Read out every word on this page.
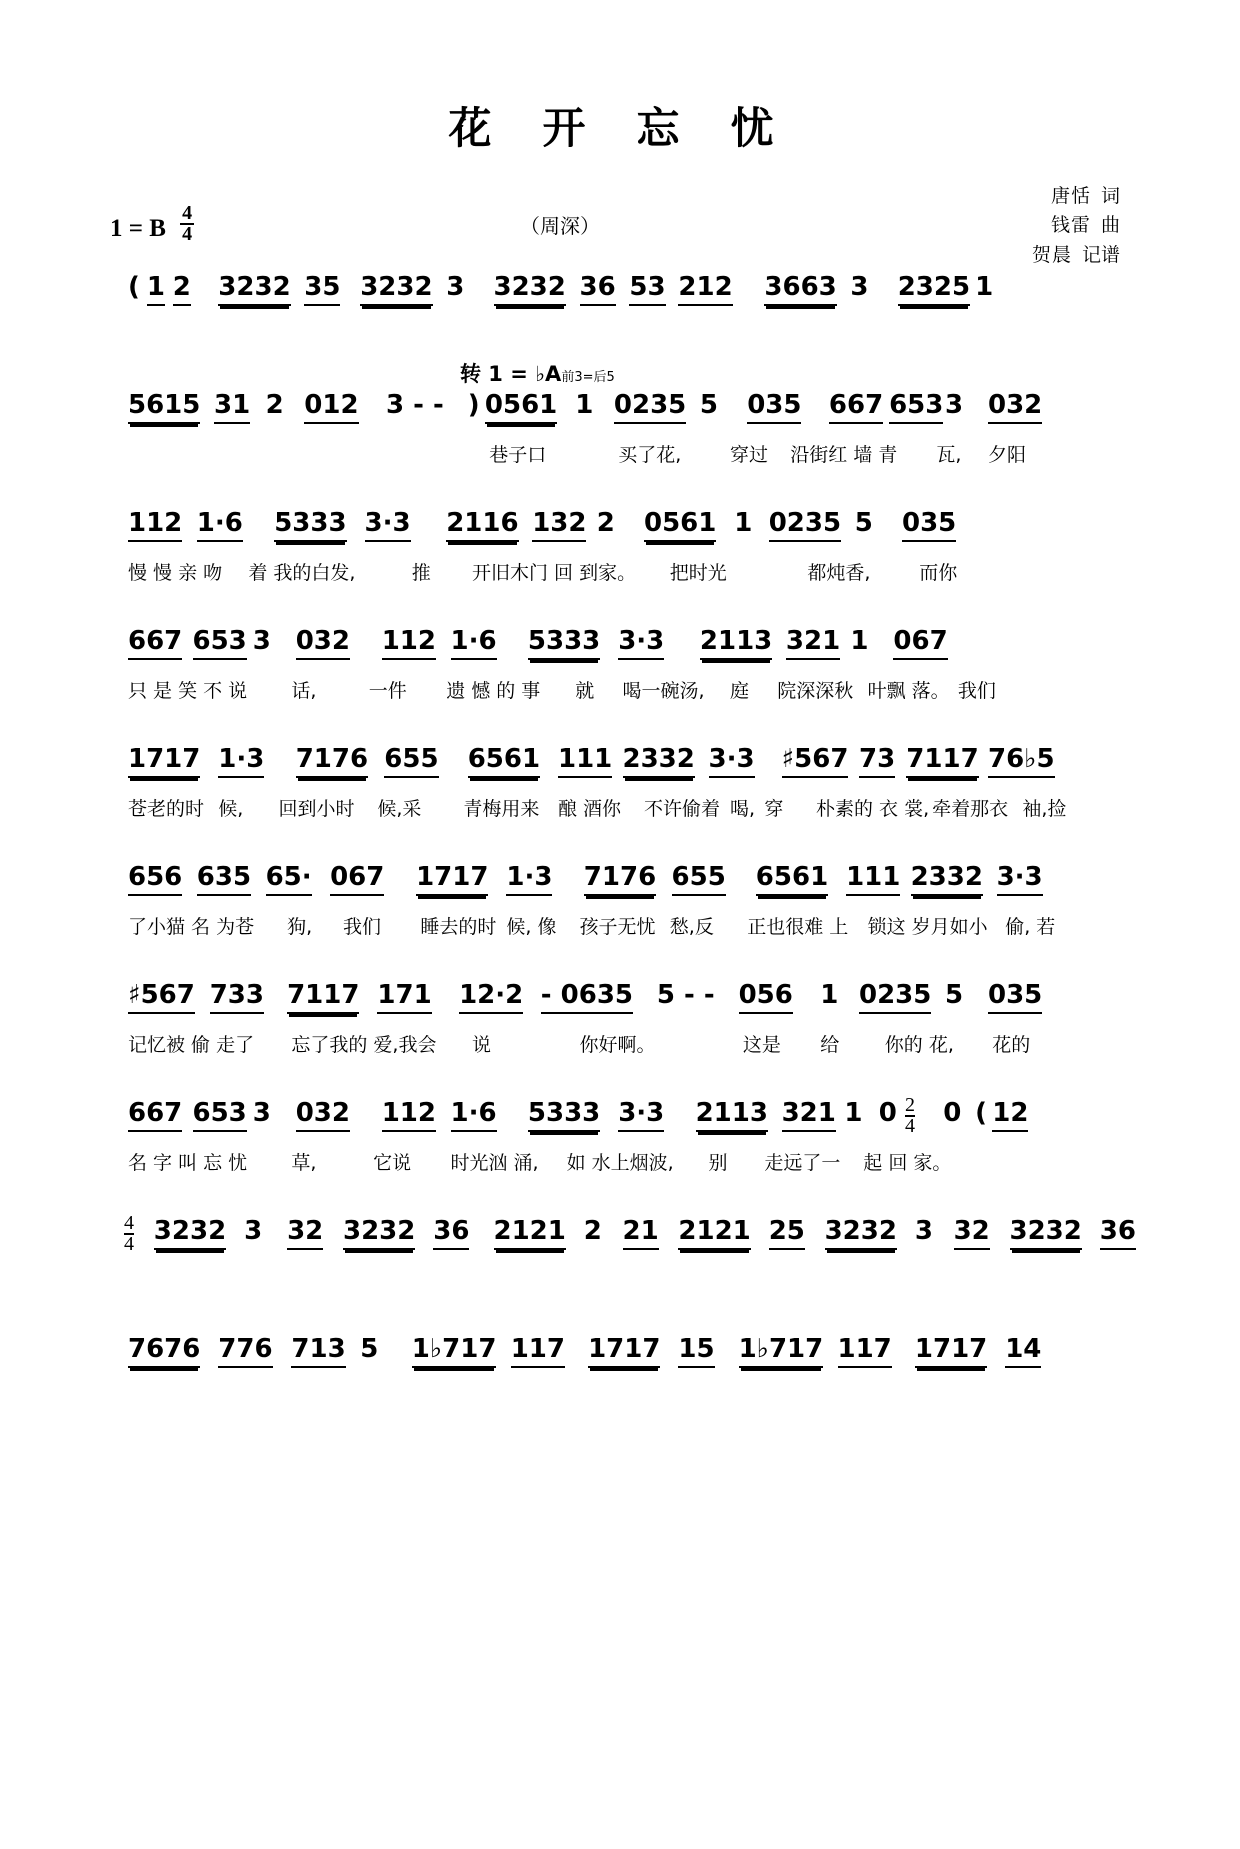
花 开 忘 忧
1 = B $\frac{4}{4}$	（周深）
唐恬 词
钱雷 曲
贺晨 记谱
( 1 2 3232 35 3232 3 3232 36 53 212 3663 3 2325 1
5615 31 2 012 3 - - ) 0561 1 0235 5 035 667 653 3 032
巷子口	买了花,	穿过 沿街红 墙 青 瓦, 夕阳
转 1 = ♭A前3=后5
112 1·6 5333 3·3 2116 132 2 0561 1 0235 5 035
慢 慢 亲 吻 着 我的白发,	推 开旧木门 回 到家。 把时光	都炖香,	而你
667 653 3 032 112 1·6 5333 3·3 2113 321 1 067
只 是 笑 不 说 话,	一件 遗 憾 的 事 就 喝一碗汤, 庭 院深深秋 叶飘 落。 我们
1717 1·3 7176 655 6561 111 2332 3·3 ♯567 73 7117 76♭5
苍老的时 候, 回到小时 候,采 青梅用来 酿 酒你 不许偷着 喝, 穿 朴素的 衣 裳, 牵着那衣 袖,捡
656 635 65· 067 1717 1·3 7176 655 6561 111 2332 3·3
了小猫 名 为苍 狗, 我们 睡去的时 候, 像 孩子无忧 愁,反 正也很难 上 锁这 岁月如小 偷, 若
♯567 733 7117 171 12·2 - 0635 5 - - 056 1 0235 5 035
记忆被 偷 走了 忘了我的 爱,我会 说	你好啊。	这是 给 你的 花, 花的
667 653 3 032 112 1·6 5333 3·3 2113 321 1 0 0 ( 12
名 字 叫 忘 忧 草,	它说 时光汹 涌, 如 水上烟波, 别 走远了一 起 回 家。
$\frac{2}{4}$
3232 3 32 3232 36 2121 2 21 2121 25 3232 3 32 3232 36
$\frac{4}{4}$
7676 776 713 5 1♭717 117 1717 15 1♭717 117 1717 14
